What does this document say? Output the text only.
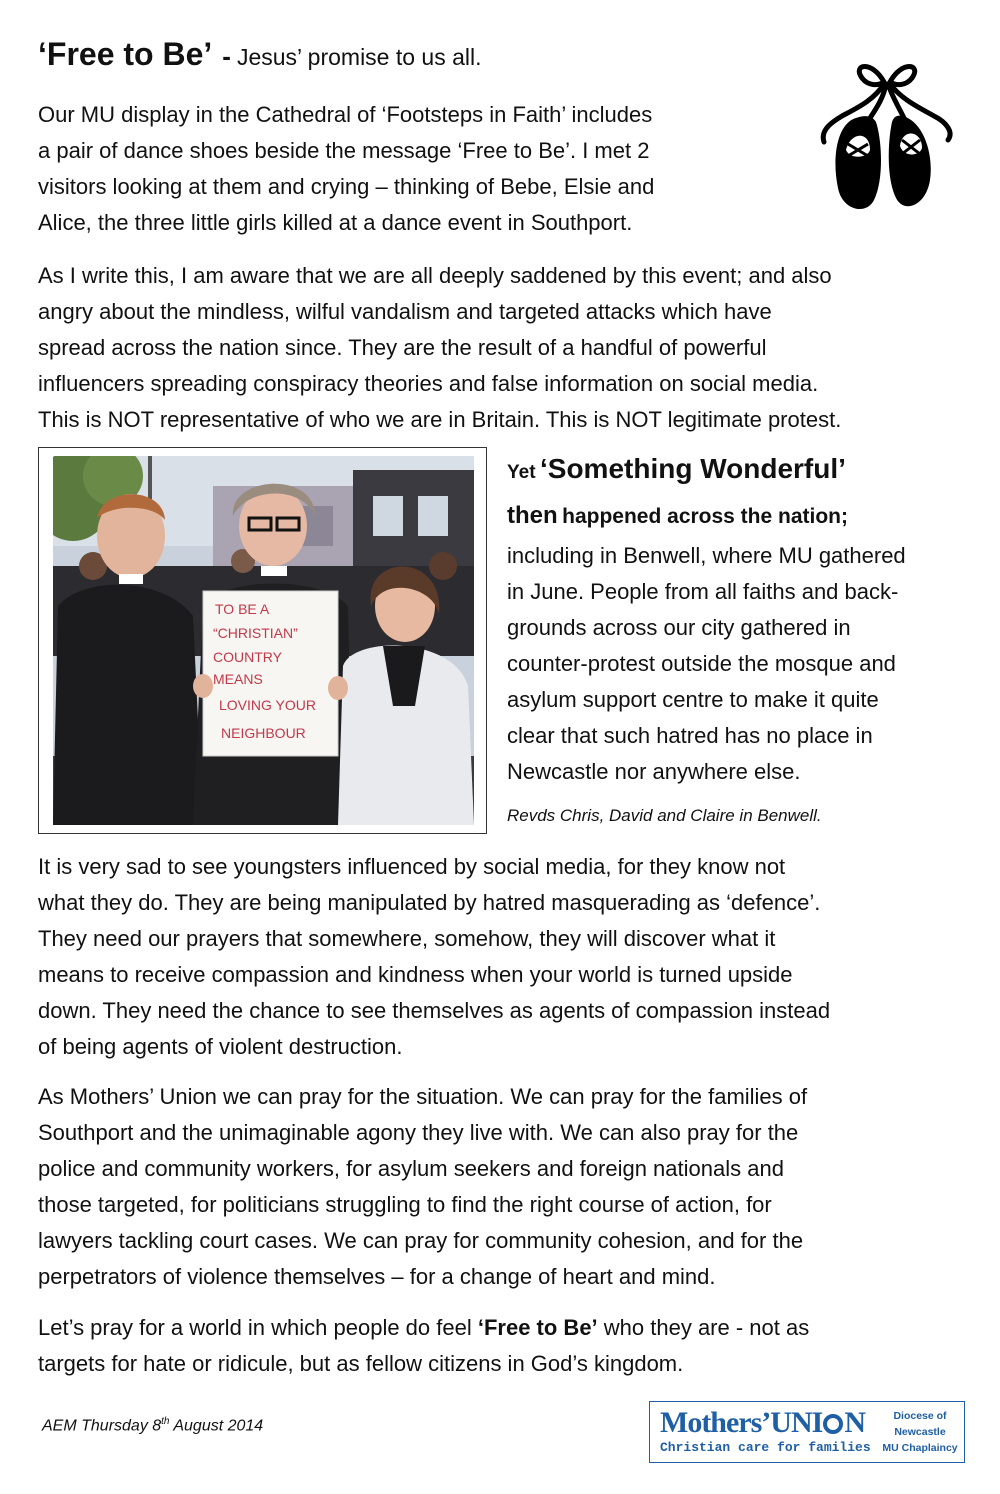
‘Free to Be’ - Jesus’ promise to us all.
Our MU display in the Cathedral of ‘Footsteps in Faith’ includes
a pair of dance shoes beside the message ‘Free to Be’. I met 2
visitors looking at them and crying – thinking of Bebe, Elsie and
Alice, the three little girls killed at a dance event in Southport.
As I write this, I am aware that we are all deeply saddened by this event; and also
angry about the mindless, wilful vandalism and targeted attacks which have
spread across the nation since. They are the result of a handful of powerful
influencers spreading conspiracy theories and false information on social media.
This is NOT representative of who we are in Britain. This is NOT legitimate protest.
TO BE A
“CHRISTIAN”
COUNTRY
MEANS
LOVING YOUR
NEIGHBOUR
Yet ‘Something Wonderful’
then happened across the nation;
including in Benwell, where MU gathered
in June. People from all faiths and back-
grounds across our city gathered in
counter-protest outside the mosque and
asylum support centre to make it quite
clear that such hatred has no place in
Newcastle nor anywhere else.
Revds Chris, David and Claire in Benwell.
It is very sad to see youngsters influenced by social media, for they know not
what they do. They are being manipulated by hatred masquerading as ‘defence’.
They need our prayers that somewhere, somehow, they will discover what it
means to receive compassion and kindness when your world is turned upside
down. They need the chance to see themselves as agents of compassion instead
of being agents of violent destruction.
As Mothers’ Union we can pray for the situation. We can pray for the families of
Southport and the unimaginable agony they live with. We can also pray for the
police and community workers, for asylum seekers and foreign nationals and
those targeted, for politicians struggling to find the right course of action, for
lawyers tackling court cases. We can pray for community cohesion, and for the
perpetrators of violence themselves – for a change of heart and mind.
Let’s pray for a world in which people do feel ‘Free to Be’ who they are - not as
targets for hate or ridicule, but as fellow citizens in God’s kingdom.
AEM Thursday 8th August 2014	Mothers’UNI N
Christian care for families
Diocese of
Newcastle
MU Chaplaincy
